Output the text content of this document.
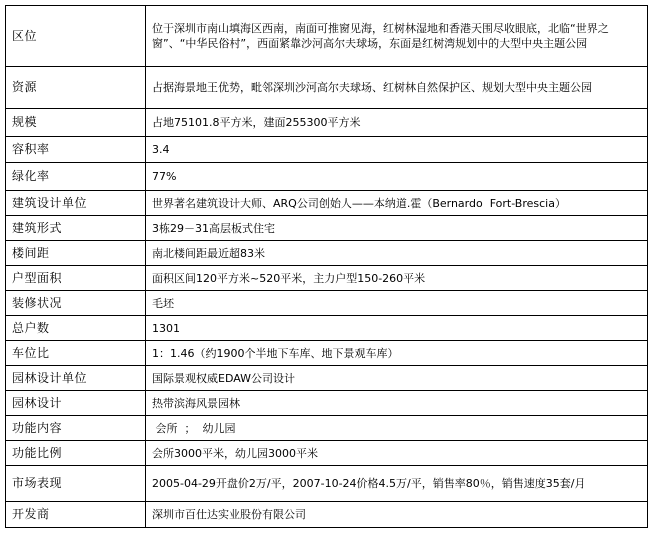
区位	位于深圳市南山填海区西南，南面可推窗见海，红树林湿地和香港天围尽收眼底，北临“世界之窗”、“中华民俗村”，西面紧靠沙河高尔夫球场，东面是红树湾规划中的大型中央主题公园
资源	占据海景地王优势，毗邻深圳沙河高尔夫球场、红树林自然保护区、规划大型中央主题公园
规模	占地75101.8平方米，建面255300平方米
容积率	3.4
绿化率	77%
建筑设计单位	世界著名建筑设计大师、ARQ公司创始人——本纳道.霍（Bernardo  Fort-Brescia）
建筑形式	3栋29－31高层板式住宅
楼间距	南北楼间距最近超83米
户型面积	面积区间120平方米~520平米，主力户型150-260平米
装修状况	毛坯
总户数	1301
车位比	1：1.46（约1900个半地下车库、地下景观车库）
园林设计单位	国际景观权威EDAW公司设计
园林设计	热带滨海风景园林
功能内容	会所  ；  幼儿园
功能比例	会所3000平米，幼儿园3000平米
市场表现	2005-04-29开盘价2万/平，2007-10-24价格4.5万/平，销售率80％，销售速度35套/月
开发商	深圳市百仕达实业股份有限公司
